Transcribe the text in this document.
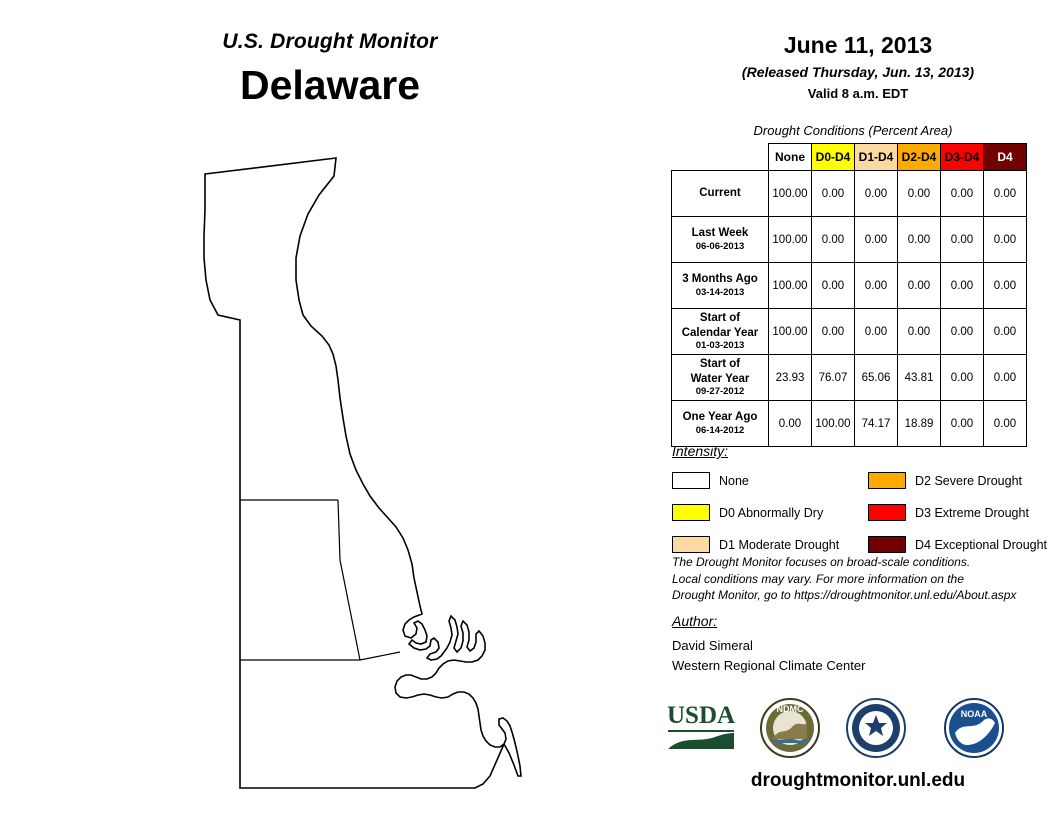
U.S. Drought Monitor
Delaware
June 11, 2013
(Released Thursday, Jun. 13, 2013)
Valid 8 a.m. EDT
Drought Conditions (Percent Area)
	None	D0-D4	D1-D4	D2-D4	D3-D4	D4
Current	100.00	0.00	0.00	0.00	0.00	0.00
Last Week
06-06-2013	100.00	0.00	0.00	0.00	0.00	0.00
3 Months Ago
03-14-2013	100.00	0.00	0.00	0.00	0.00	0.00
Start of
Calendar Year
01-03-2013	100.00	0.00	0.00	0.00	0.00	0.00
Start of
Water Year
09-27-2012	23.93	76.07	65.06	43.81	0.00	0.00
One Year Ago
06-14-2012	0.00	100.00	74.17	18.89	0.00	0.00
Intensity:
None
D0 Abnormally Dry
D1 Moderate Drought
D2 Severe Drought
D3 Extreme Drought
D4 Exceptional Drought
The Drought Monitor focuses on broad-scale conditions.
Local conditions may vary. For more information on the
Drought Monitor, go to https://droughtmonitor.unl.edu/About.aspx
Author:
David Simeral
Western Regional Climate Center
USDA	NDMC	NOAA
droughtmonitor.unl.edu
